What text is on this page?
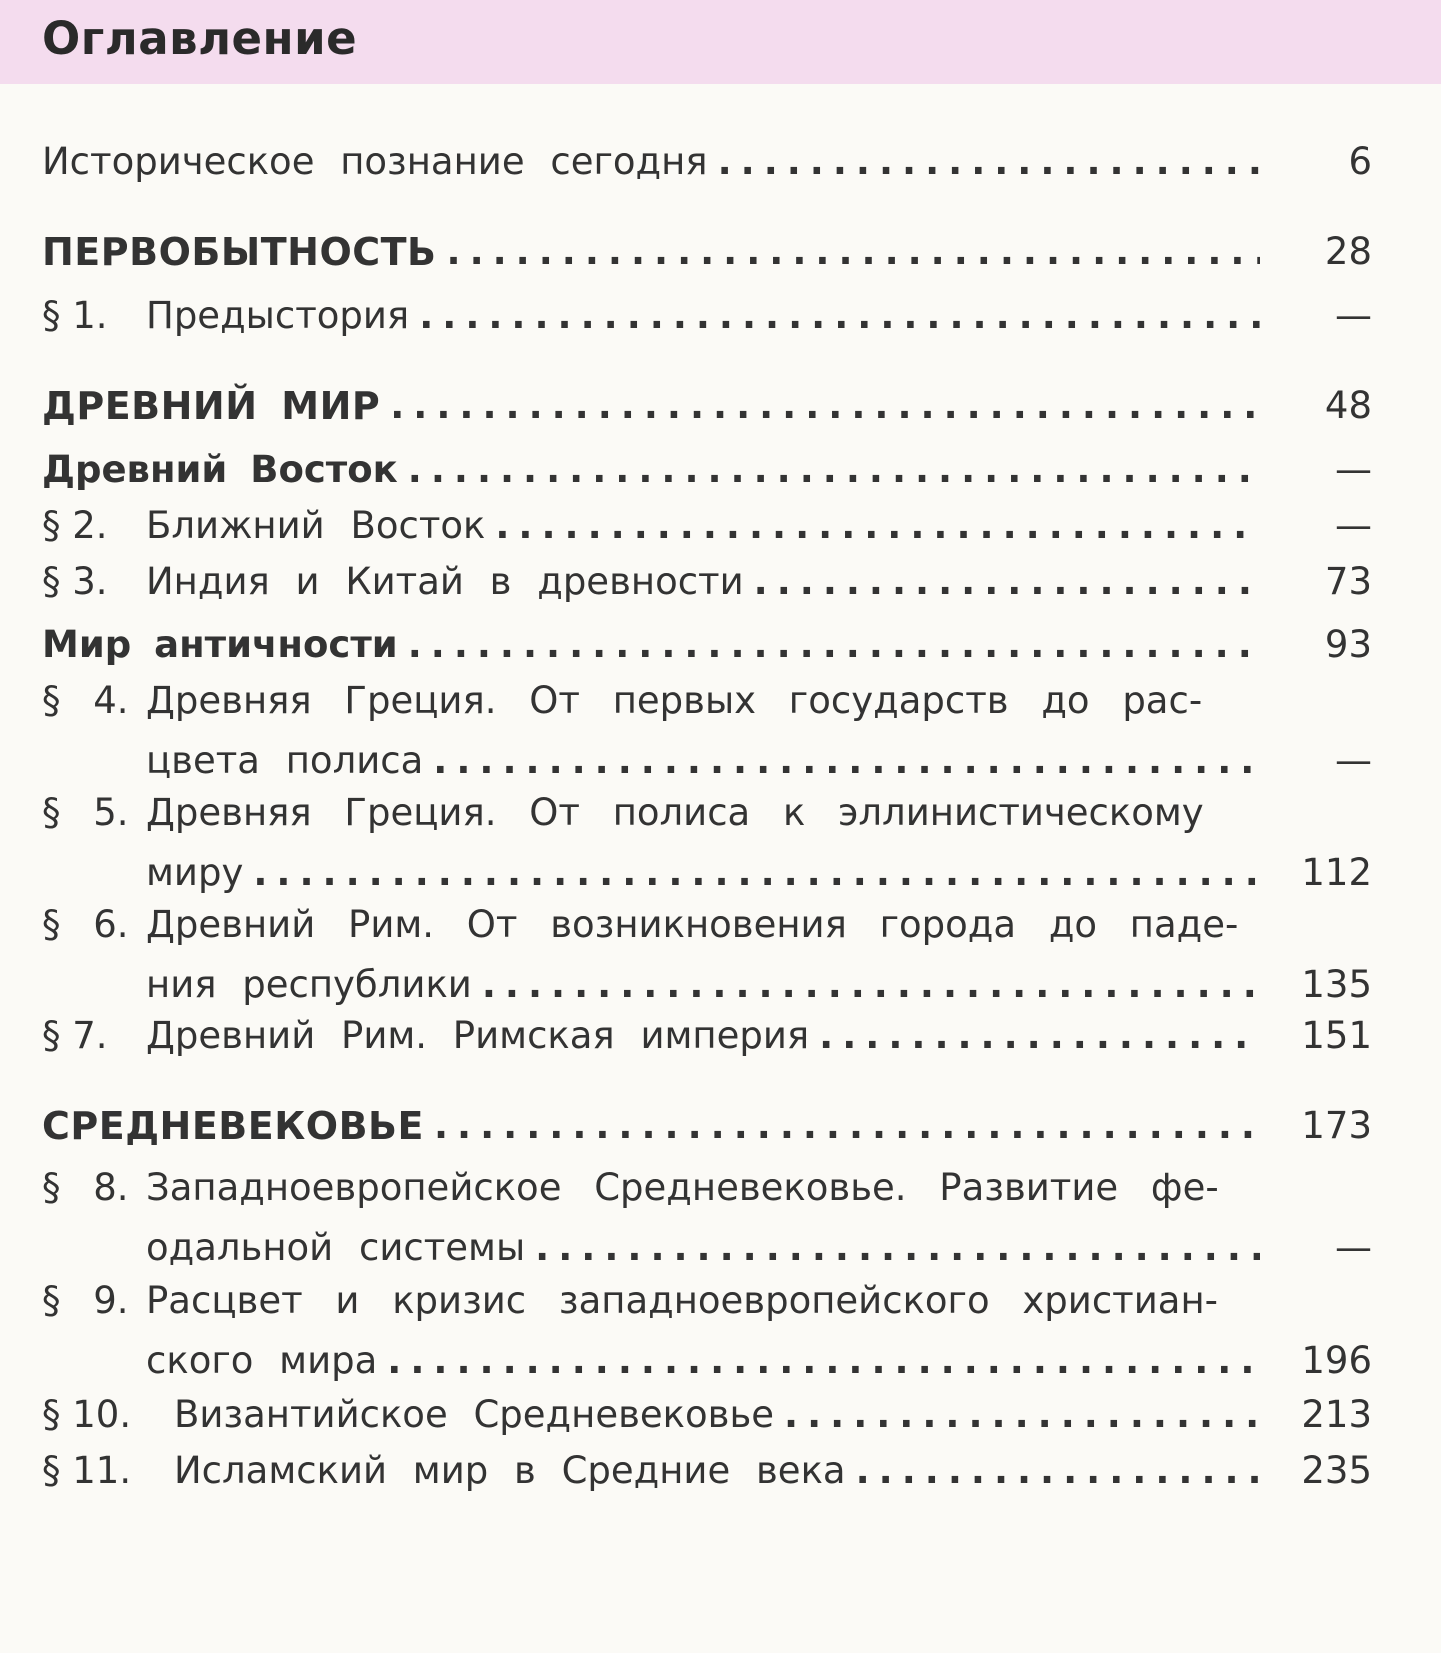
Оглавление
Историческое познание сегодня .....	6
ПЕРВОБЫТНОСТЬ .....	28
§ 1.	Предыстория .....	—
ДРЕВНИЙ МИР .....	48
Древний Восток .....	—
§ 2.	Ближний Восток .....	—
§ 3.	Индия и Китай в древности .....	73
Мир античности .....	93
§ 4. Древняя Греция. От первых государств до рас-
цвета полиса .....	—
§ 5. Древняя Греция. От полиса к эллинистическому
миру .....	112
§ 6. Древний Рим. От возникновения города до паде-
ния республики .....	135
§ 7.	Древний Рим. Римская империя .....	151
СРЕДНЕВЕКОВЬЕ .....	173
§ 8. Западноевропейское Средневековье. Развитие фе-
одальной системы .....	—
§ 9. Расцвет и кризис западноевропейского христиан-
ского мира .....	196
§ 10.	Византийское Средневековье .....	213
§ 11.	Исламский мир в Средние века .....	235
